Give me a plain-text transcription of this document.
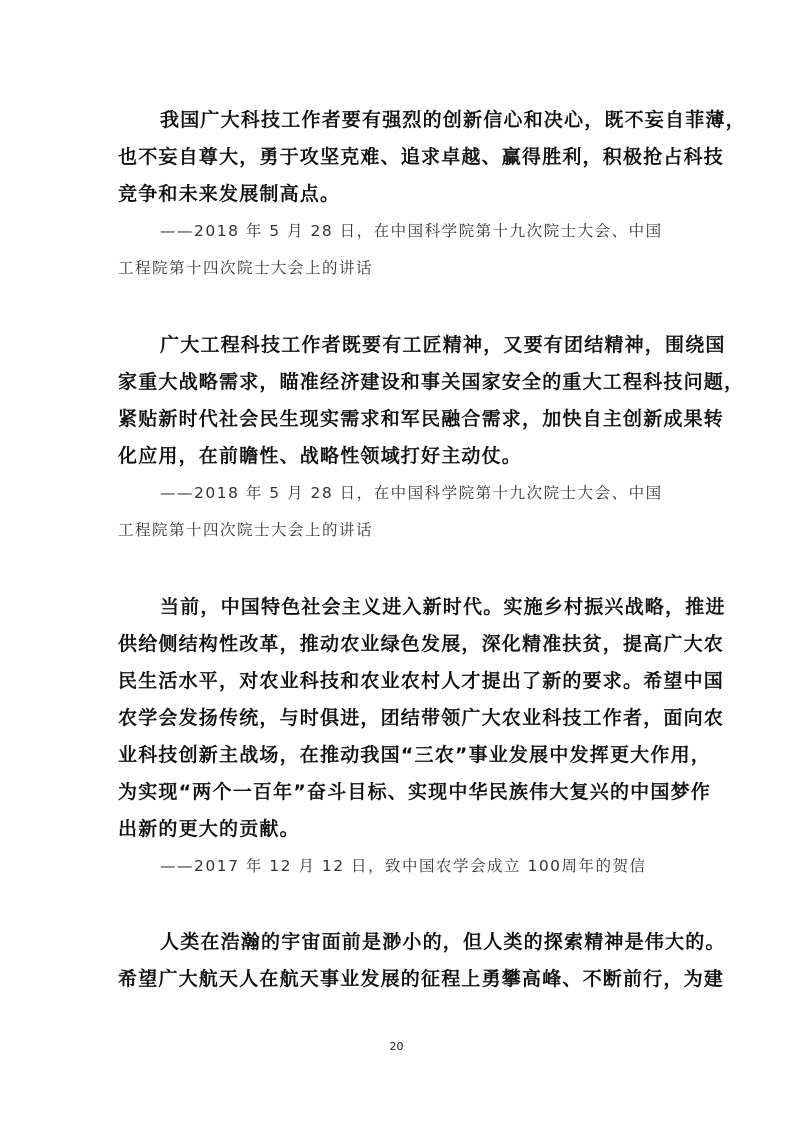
我国广大科技工作者要有强烈的创新信心和决心，既不妄自菲薄，
也不妄自尊大，勇于攻坚克难、追求卓越、赢得胜利，积极抢占科技
竞争和未来发展制高点。
——2018 年 5 月 28 日，在中国科学院第十九次院士大会、中国
工程院第十四次院士大会上的讲话
广大工程科技工作者既要有工匠精神，又要有团结精神，围绕国
家重大战略需求，瞄准经济建设和事关国家安全的重大工程科技问题，
紧贴新时代社会民生现实需求和军民融合需求，加快自主创新成果转
化应用，在前瞻性、战略性领域打好主动仗。
——2018 年 5 月 28 日，在中国科学院第十九次院士大会、中国
工程院第十四次院士大会上的讲话
当前，中国特色社会主义进入新时代。实施乡村振兴战略，推进
供给侧结构性改革，推动农业绿色发展，深化精准扶贫，提高广大农
民生活水平，对农业科技和农业农村人才提出了新的要求。希望中国
农学会发扬传统，与时俱进，团结带领广大农业科技工作者，面向农
业科技创新主战场，在推动我国“三农”事业发展中发挥更大作用，
为实现“两个一百年”奋斗目标、实现中华民族伟大复兴的中国梦作
出新的更大的贡献。
——2017 年 12 月 12 日，致中国农学会成立 100周年的贺信
人类在浩瀚的宇宙面前是渺小的，但人类的探索精神是伟大的。
希望广大航天人在航天事业发展的征程上勇攀高峰、不断前行，为建
20
